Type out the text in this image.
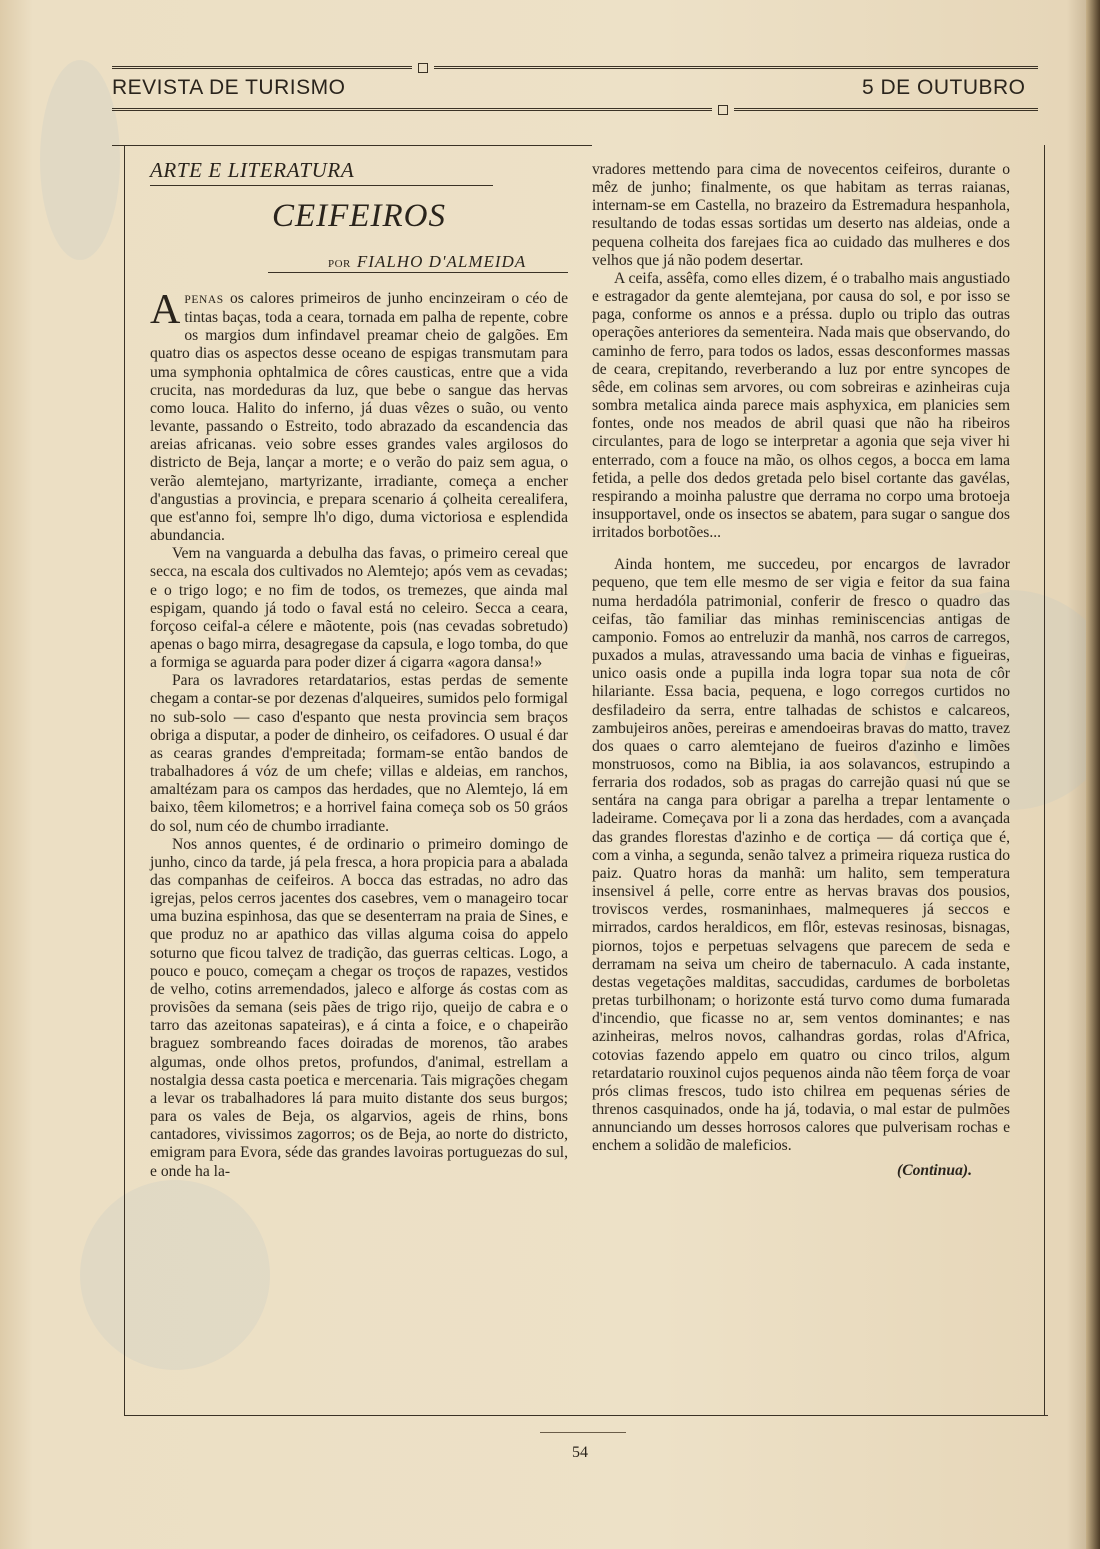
REVISTA DE TURISMO	5 DE OUTUBRO
ARTE E LITERATURA
CEIFEIROS
POR FIALHO D'ALMEIDA

APENAS os calores primeiros de junho encinzeiram o céo de tintas baças, toda a ceara, tornada em palha de repente, cobre os margios dum infindavel preamar cheio de galgões. Em quatro dias os aspectos desse oceano de espigas transmutam para uma symphonia ophtalmica de côres causticas, entre que a vida crucita, nas mordeduras da luz, que bebe o sangue das hervas como louca. Halito do inferno, já duas vêzes o suão, ou vento levante, passando o Estreito, todo abrazado da escandencia das areias africanas. veio sobre esses grandes vales argilosos do districto de Beja, lançar a morte; e o verão do paiz sem agua, o verão alemtejano, martyrizante, irradiante, começa a encher d'angustias a provincia, e prepara scenario á çolheita cerealifera, que est'anno foi, sempre lh'o digo, duma victoriosa e esplendida abundancia.

Vem na vanguarda a debulha das favas, o primeiro cereal que secca, na escala dos cultivados no Alemtejo; após vem as cevadas; e o trigo logo; e no fim de todos, os tremezes, que ainda mal espigam, quando já todo o faval está no celeiro. Secca a ceara, forçoso ceifal-a célere e mãotente, pois (nas cevadas sobretudo) apenas o bago mirra, desagregase da capsula, e logo tomba, do que a formiga se aguarda para poder dizer á cigarra «agora dansa!»

Para os lavradores retardatarios, estas perdas de semente chegam a contar-se por dezenas d'alqueires, sumidos pelo formigal no sub-solo — caso d'espanto que nesta provincia sem braços obriga a disputar, a poder de dinheiro, os ceifadores. O usual é dar as cearas grandes d'empreitada; formam-se então bandos de trabalhadores á vóz de um chefe; villas e aldeias, em ranchos, amaltézam para os campos das herdades, que no Alemtejo, lá em baixo, têem kilometros; e a horrivel faina começa sob os 50 gráos do sol, num céo de chumbo irradiante.

Nos annos quentes, é de ordinario o primeiro domingo de junho, cinco da tarde, já pela fresca, a hora propicia para a abalada das companhas de ceifeiros. A bocca das estradas, no adro das igrejas, pelos cerros jacentes dos casebres, vem o manageiro tocar uma buzina espinhosa, das que se desenterram na praia de Sines, e que produz no ar apathico das villas alguma coisa do appelo soturno que ficou talvez de tradição, das guerras celticas. Logo, a pouco e pouco, começam a chegar os troços de rapazes, vestidos de velho, cotins arremendados, jaleco e alforge ás costas com as provisões da semana (seis pães de trigo rijo, queijo de cabra e o tarro das azeitonas sapateiras), e á cinta a foice, e o chapeirão braguez sombreando faces doiradas de morenos, tão arabes algumas, onde olhos pretos, profundos, d'animal, estrellam a nostalgia dessa casta poetica e mercenaria. Tais migrações chegam a levar os trabalhadores lá para muito distante dos seus burgos; para os vales de Beja, os algarvios, ageis de rhins, bons cantadores, vivissimos zagorros; os de Beja, ao norte do districto, emigram para Evora, séde das grandes lavoiras portuguezas do sul, e onde ha la-

vradores mettendo para cima de novecentos ceifeiros, durante o mêz de junho; finalmente, os que habitam as terras raianas, internam-se em Castella, no brazeiro da Estremadura hespanhola, resultando de todas essas sortidas um deserto nas aldeias, onde a pequena colheita dos farejaes fica ao cuidado das mulheres e dos velhos que já não podem desertar.

A ceifa, assêfa, como elles dizem, é o trabalho mais angustiado e estragador da gente alemtejana, por causa do sol, e por isso se paga, conforme os annos e a préssa. duplo ou triplo das outras operações anteriores da sementeira. Nada mais que observando, do caminho de ferro, para todos os lados, essas desconformes massas de ceara, crepitando, reverberando a luz por entre syncopes de sêde, em colinas sem arvores, ou com sobreiras e azinheiras cuja sombra metalica ainda parece mais asphyxica, em planicies sem fontes, onde nos meados de abril quasi que não ha ribeiros circulantes, para de logo se interpretar a agonia que seja viver hi enterrado, com a fouce na mão, os olhos cegos, a bocca em lama fetida, a pelle dos dedos gretada pelo bisel cortante das gavélas, respirando a moinha palustre que derrama no corpo uma brotoeja insupportavel, onde os insectos se abatem, para sugar o sangue dos irritados borbotões...

Ainda hontem, me succedeu, por encargos de lavrador pequeno, que tem elle mesmo de ser vigia e feitor da sua faina numa herdadóla patrimonial, conferir de fresco o quadro das ceifas, tão familiar das minhas reminiscencias antigas de camponio. Fomos ao entreluzir da manhã, nos carros de carregos, puxados a mulas, atravessando uma bacia de vinhas e figueiras, unico oasis onde a pupilla inda logra topar sua nota de côr hilariante. Essa bacia, pequena, e logo corregos curtidos no desfiladeiro da serra, entre talhadas de schistos e calcareos, zambujeiros anões, pereiras e amendoeiras bravas do matto, travez dos quaes o carro alemtejano de fueiros d'azinho e limões monstruosos, como na Biblia, ia aos solavancos, estrupindo a ferraria dos rodados, sob as pragas do carrejão quasi nú que se sentára na canga para obrigar a parelha a trepar lentamente o ladeirame. Começava por li a zona das herdades, com a avançada das grandes florestas d'azinho e de cortiça — dá cortiça que é, com a vinha, a segunda, senão talvez a primeira riqueza rustica do paiz. Quatro horas da manhã: um halito, sem temperatura insensivel á pelle, corre entre as hervas bravas dos pousios, troviscos verdes, rosmaninhaes, malmequeres já seccos e mirrados, cardos heraldicos, em flôr, estevas resinosas, bisnagas, piornos, tojos e perpetuas selvagens que parecem de seda e derramam na seiva um cheiro de tabernaculo. A cada instante, destas vegetações malditas, saccudidas, cardumes de borboletas pretas turbilhonam; o horizonte está turvo como duma fumarada d'incendio, que ficasse no ar, sem ventos dominantes; e nas azinheiras, melros novos, calhandras gordas, rolas d'Africa, cotovias fazendo appelo em quatro ou cinco trilos, algum retardatario rouxinol cujos pequenos ainda não têem força de voar prós climas frescos, tudo isto chilrea em pequenas séries de threnos casquinados, onde ha já, todavia, o mal estar de pulmões annunciando um desses horrosos calores que pulverisam rochas e enchem a solidão de maleficios.

(Continua).
54
